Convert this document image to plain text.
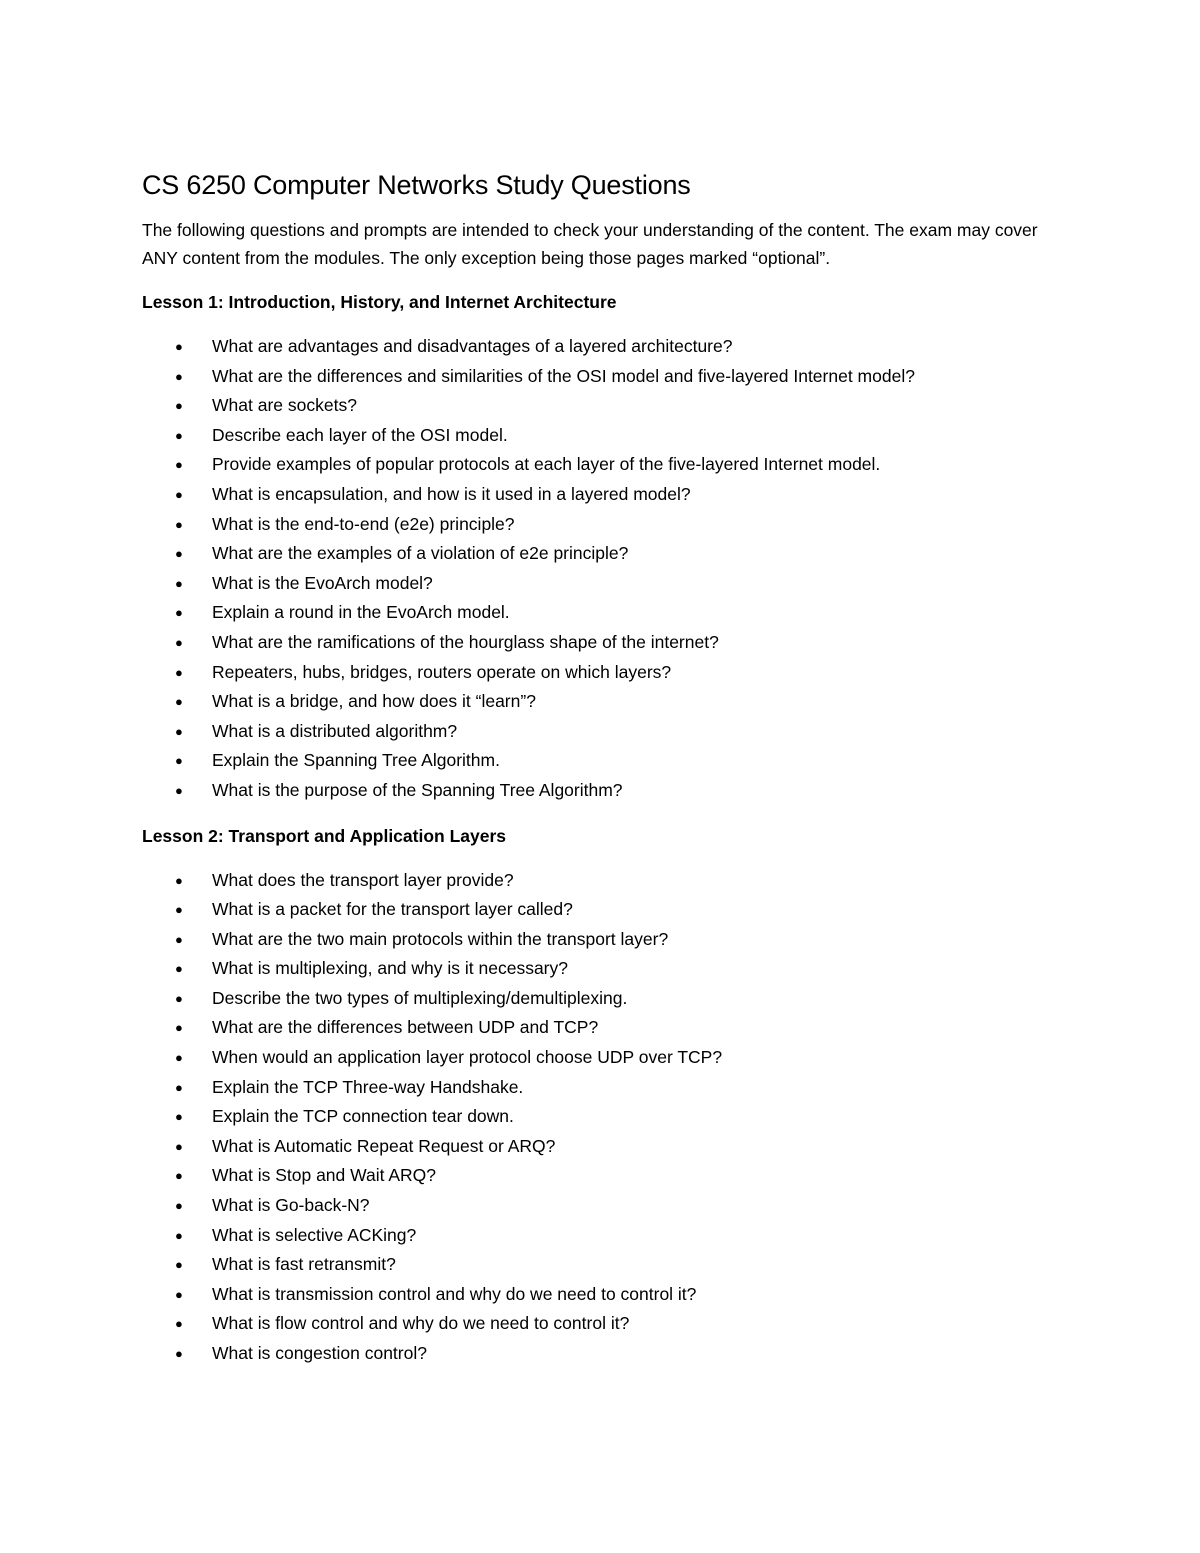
CS 6250 Computer Networks Study Questions

The following questions and prompts are intended to check your understanding of the content. The exam may cover ANY content from the modules. The only exception being those pages marked “optional”.

Lesson 1: Introduction, History, and Internet Architecture

● What are advantages and disadvantages of a layered architecture?
● What are the differences and similarities of the OSI model and five-layered Internet model?
● What are sockets?
● Describe each layer of the OSI model.
● Provide examples of popular protocols at each layer of the five-layered Internet model.
● What is encapsulation, and how is it used in a layered model?
● What is the end-to-end (e2e) principle?
● What are the examples of a violation of e2e principle?
● What is the EvoArch model?
● Explain a round in the EvoArch model.
● What are the ramifications of the hourglass shape of the internet?
● Repeaters, hubs, bridges, routers operate on which layers?
● What is a bridge, and how does it “learn”?
● What is a distributed algorithm?
● Explain the Spanning Tree Algorithm.
● What is the purpose of the Spanning Tree Algorithm?

Lesson 2: Transport and Application Layers

● What does the transport layer provide?
● What is a packet for the transport layer called?
● What are the two main protocols within the transport layer?
● What is multiplexing, and why is it necessary?
● Describe the two types of multiplexing/demultiplexing.
● What are the differences between UDP and TCP?
● When would an application layer protocol choose UDP over TCP?
● Explain the TCP Three-way Handshake.
● Explain the TCP connection tear down.
● What is Automatic Repeat Request or ARQ?
● What is Stop and Wait ARQ?
● What is Go-back-N?
● What is selective ACKing?
● What is fast retransmit?
● What is transmission control and why do we need to control it?
● What is flow control and why do we need to control it?
● What is congestion control?
